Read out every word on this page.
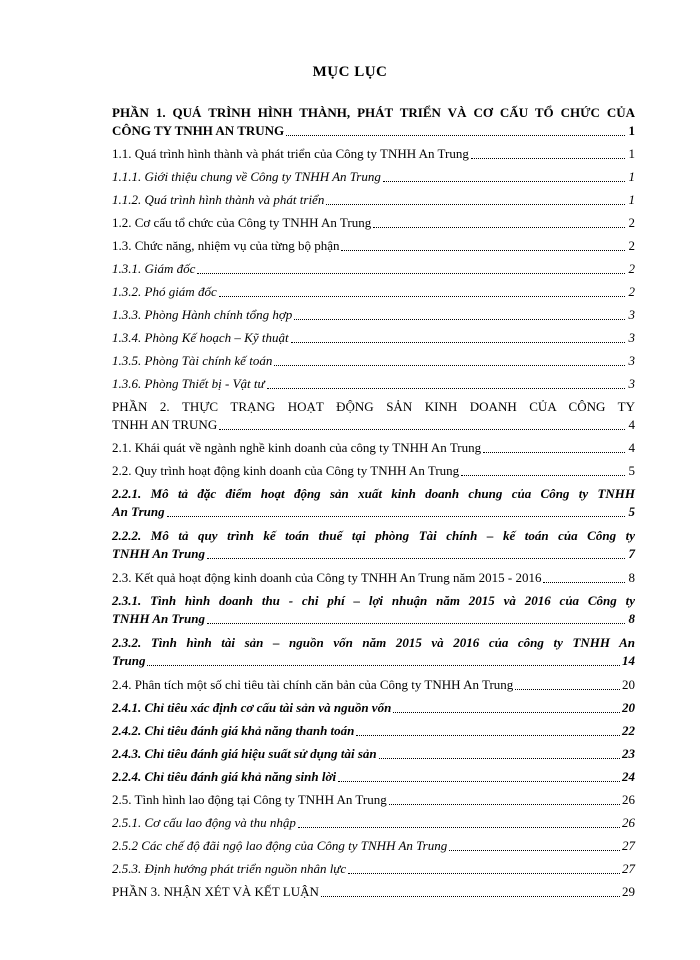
MỤC LỤC
PHẦN 1. QUÁ TRÌNH HÌNH THÀNH, PHÁT TRIỂN VÀ CƠ CẤU TỔ CHỨC CỦA
CÔNG TY TNHH AN TRUNG	1
1.1. Quá trình hình thành và phát triển của Công ty TNHH An Trung	1
1.1.1. Giới thiệu chung về Công ty TNHH An Trung	1
1.1.2. Quá trình hình thành và phát triển	1
1.2. Cơ cấu tổ chức của Công ty TNHH An Trung	2
1.3. Chức năng, nhiệm vụ của từng bộ phận	2
1.3.1. Giám đốc	2
1.3.2. Phó giám đốc	2
1.3.3. Phòng Hành chính tổng hợp	3
1.3.4. Phòng Kế hoạch – Kỹ thuật	3
1.3.5. Phòng Tài chính kế toán	3
1.3.6. Phòng Thiết bị - Vật tư	3
PHẦN 2. THỰC TRẠNG HOẠT ĐỘNG SẢN KINH DOANH CỦA CÔNG TY
TNHH AN TRUNG	4
2.1. Khái quát về ngành nghề kinh doanh của công ty TNHH An Trung	4
2.2. Quy trình hoạt động kinh doanh của Công ty TNHH An Trung	5
2.2.1. Mô tả đặc điểm hoạt động sản xuất kinh doanh chung của Công ty TNHH
An Trung	5
2.2.2. Mô tả quy trình kế toán thuế tại phòng Tài chính – kế toán của Công ty
TNHH An Trung	7
2.3. Kết quả hoạt động kinh doanh của Công ty TNHH An Trung năm 2015 - 2016	8
2.3.1. Tình hình doanh thu - chi phí – lợi nhuận năm 2015 và 2016 của Công ty
TNHH An Trung	8
2.3.2. Tình hình tài sản – nguồn vốn năm 2015 và 2016 của công ty TNHH An
Trung	14
2.4. Phân tích một số chỉ tiêu tài chính căn bản của Công ty TNHH An Trung	20
2.4.1. Chỉ tiêu xác định cơ cấu tài sản và nguồn vốn	20
2.4.2. Chỉ tiêu đánh giá khả năng thanh toán	22
2.4.3. Chỉ tiêu đánh giá hiệu suất sử dụng tài sản	23
2.2.4. Chỉ tiêu đánh giá khả năng sinh lời	24
2.5. Tình hình lao động tại Công ty TNHH An Trung	26
2.5.1. Cơ cấu lao động và thu nhập	26
2.5.2 Các chế độ đãi ngộ lao động của Công ty TNHH An Trung	27
2.5.3. Định hướng phát triển nguồn nhân lực	27
PHẦN 3. NHẬN XÉT VÀ KẾT LUẬN	29
